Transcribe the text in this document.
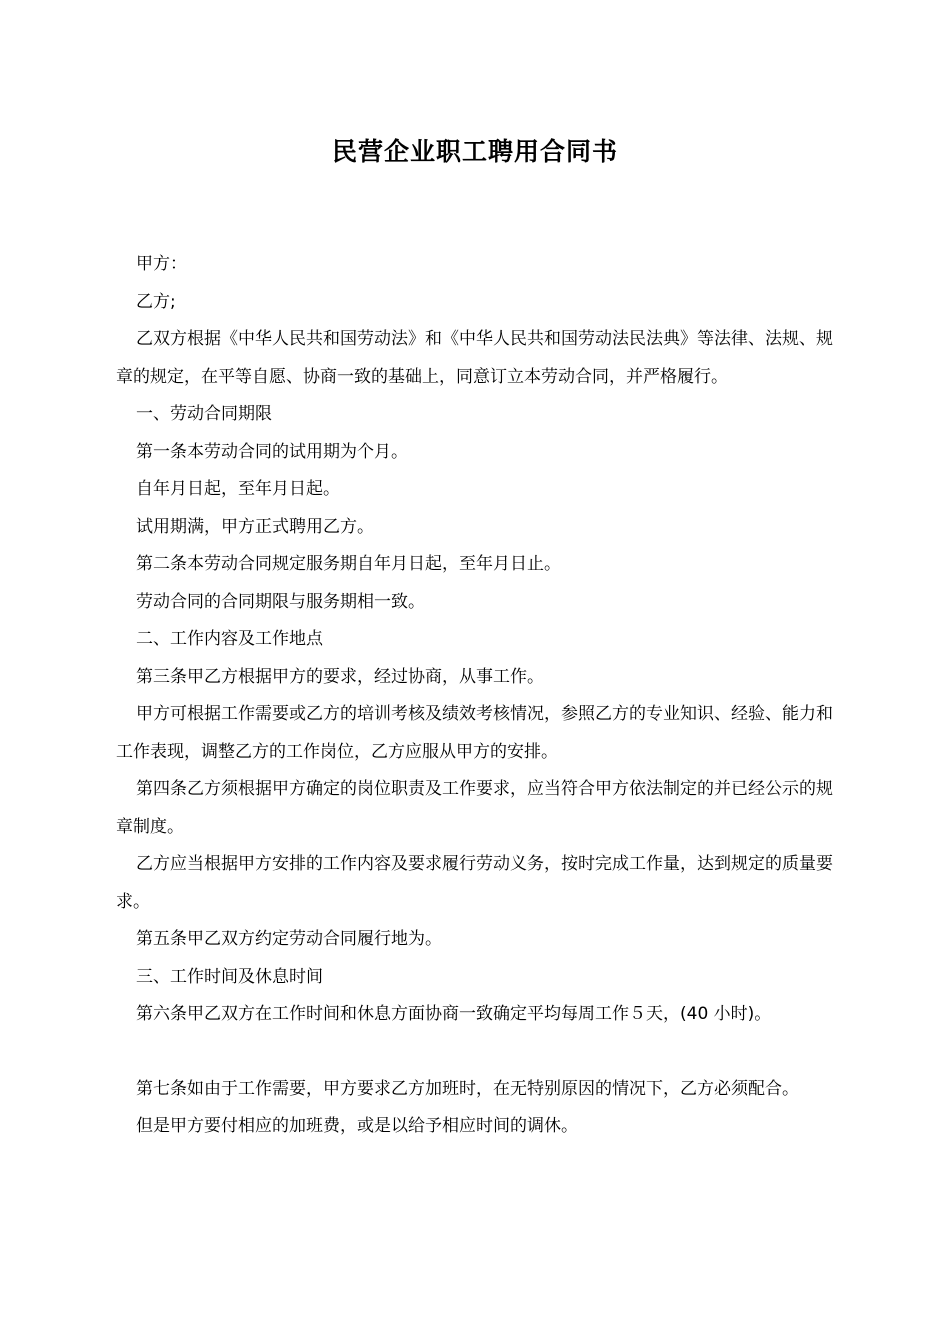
民营企业职工聘用合同书

甲方：

乙方;

乙双方根据《中华人民共和国劳动法》和《中华人民共和国劳动法民法典》等法律、法规、规章的规定，在平等自愿、协商一致的基础上，同意订立本劳动合同，并严格履行。

一、劳动合同期限

第一条本劳动合同的试用期为个月。

自年月日起，至年月日起。

试用期满，甲方正式聘用乙方。

第二条本劳动合同规定服务期自年月日起，至年月日止。

劳动合同的合同期限与服务期相一致。

二、工作内容及工作地点

第三条甲乙方根据甲方的要求，经过协商，从事工作。

甲方可根据工作需要或乙方的培训考核及绩效考核情况，参照乙方的专业知识、经验、能力和工作表现，调整乙方的工作岗位，乙方应服从甲方的安排。

第四条乙方须根据甲方确定的岗位职责及工作要求，应当符合甲方依法制定的并已经公示的规章制度。

乙方应当根据甲方安排的工作内容及要求履行劳动义务，按时完成工作量，达到规定的质量要求。

第五条甲乙双方约定劳动合同履行地为。

三、工作时间及休息时间

第六条甲乙双方在工作时间和休息方面协商一致确定平均每周工作５天，(40 小时)。

第七条如由于工作需要，甲方要求乙方加班时，在无特别原因的情况下，乙方必须配合。

但是甲方要付相应的加班费，或是以给予相应时间的调休。
